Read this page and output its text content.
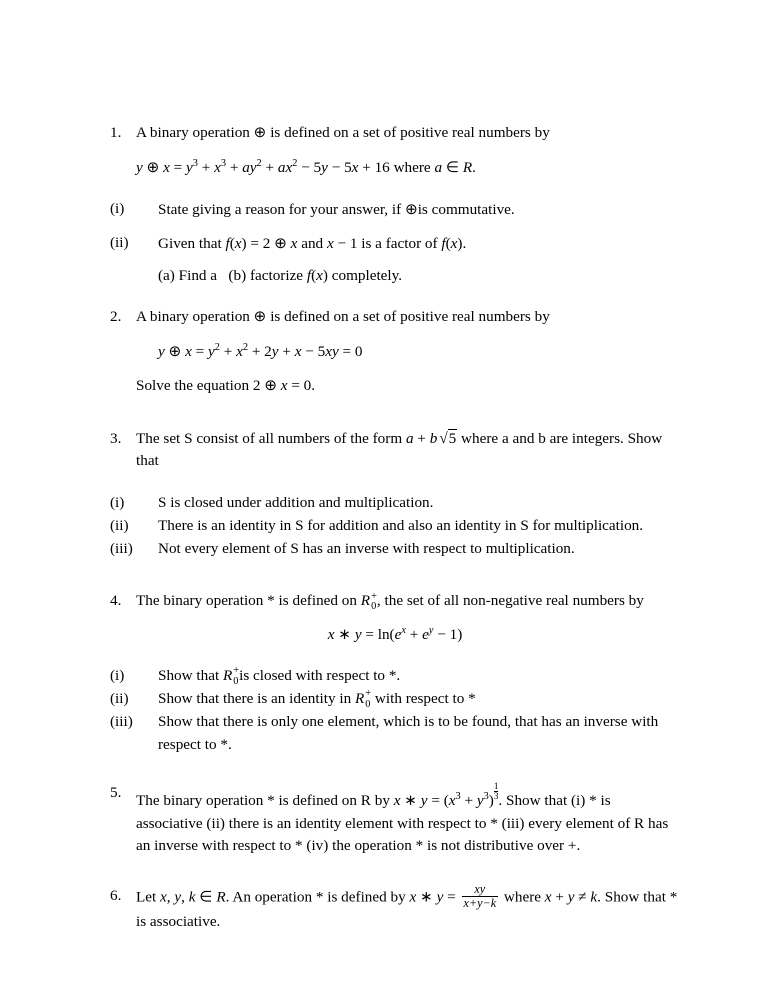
1. A binary operation ⊕ is defined on a set of positive real numbers by
y ⊕ $x = y^3 + x^3 + ay^2 + ax^2 - 5y - 5x + 16$ where a ∈ R.
(i)	State giving a reason for your answer, if ⊕is commutative.
(ii)	Given that f(x) = 2 ⊕ x and x − 1 is a factor of f(x).
(a) Find a   (b) factorize f(x) completely.
2. A binary operation ⊕ is defined on a set of positive real numbers by
y ⊕ $x = y^2 + x^2 + 2y + x - 5xy = 0$
Solve the equation 2 ⊕ x = 0.
3. The set S consist of all numbers of the form a + b √5 where a and b are integers. Show that
(i)	S is closed under addition and multiplication.
(ii)	There is an identity in S for addition and also an identity in S for multiplication.
(iii)	Not every element of S has an inverse with respect to multiplication.
4. The binary operation * is defined on R +
0 , the set of all non-negative real numbers by
x ∗ $y = \ln(e^x + e^y - 1)$
(i)	Show that R +
0 is closed with respect to *.
(ii)	Show that there is an identity in R +
0 with respect to *
(iii)	Show that there is only one element, which is to be found, that has an inverse with respect to *.
5. The binary operation * is defined on R by x ∗ $y = (x^3 + y^3) \frac{1}{3}$ . Show that (i) * is associative (ii) there is an identity element with respect to * (iii) every element of R has an inverse with respect to * (iv) the operation * is not distributive over +.
6. Let x, y, k ∈ R. An operation * is defined by x ∗ $y = \frac{xy}{x+y-k}$ where x + y ≠ k. Show that * is associative.
